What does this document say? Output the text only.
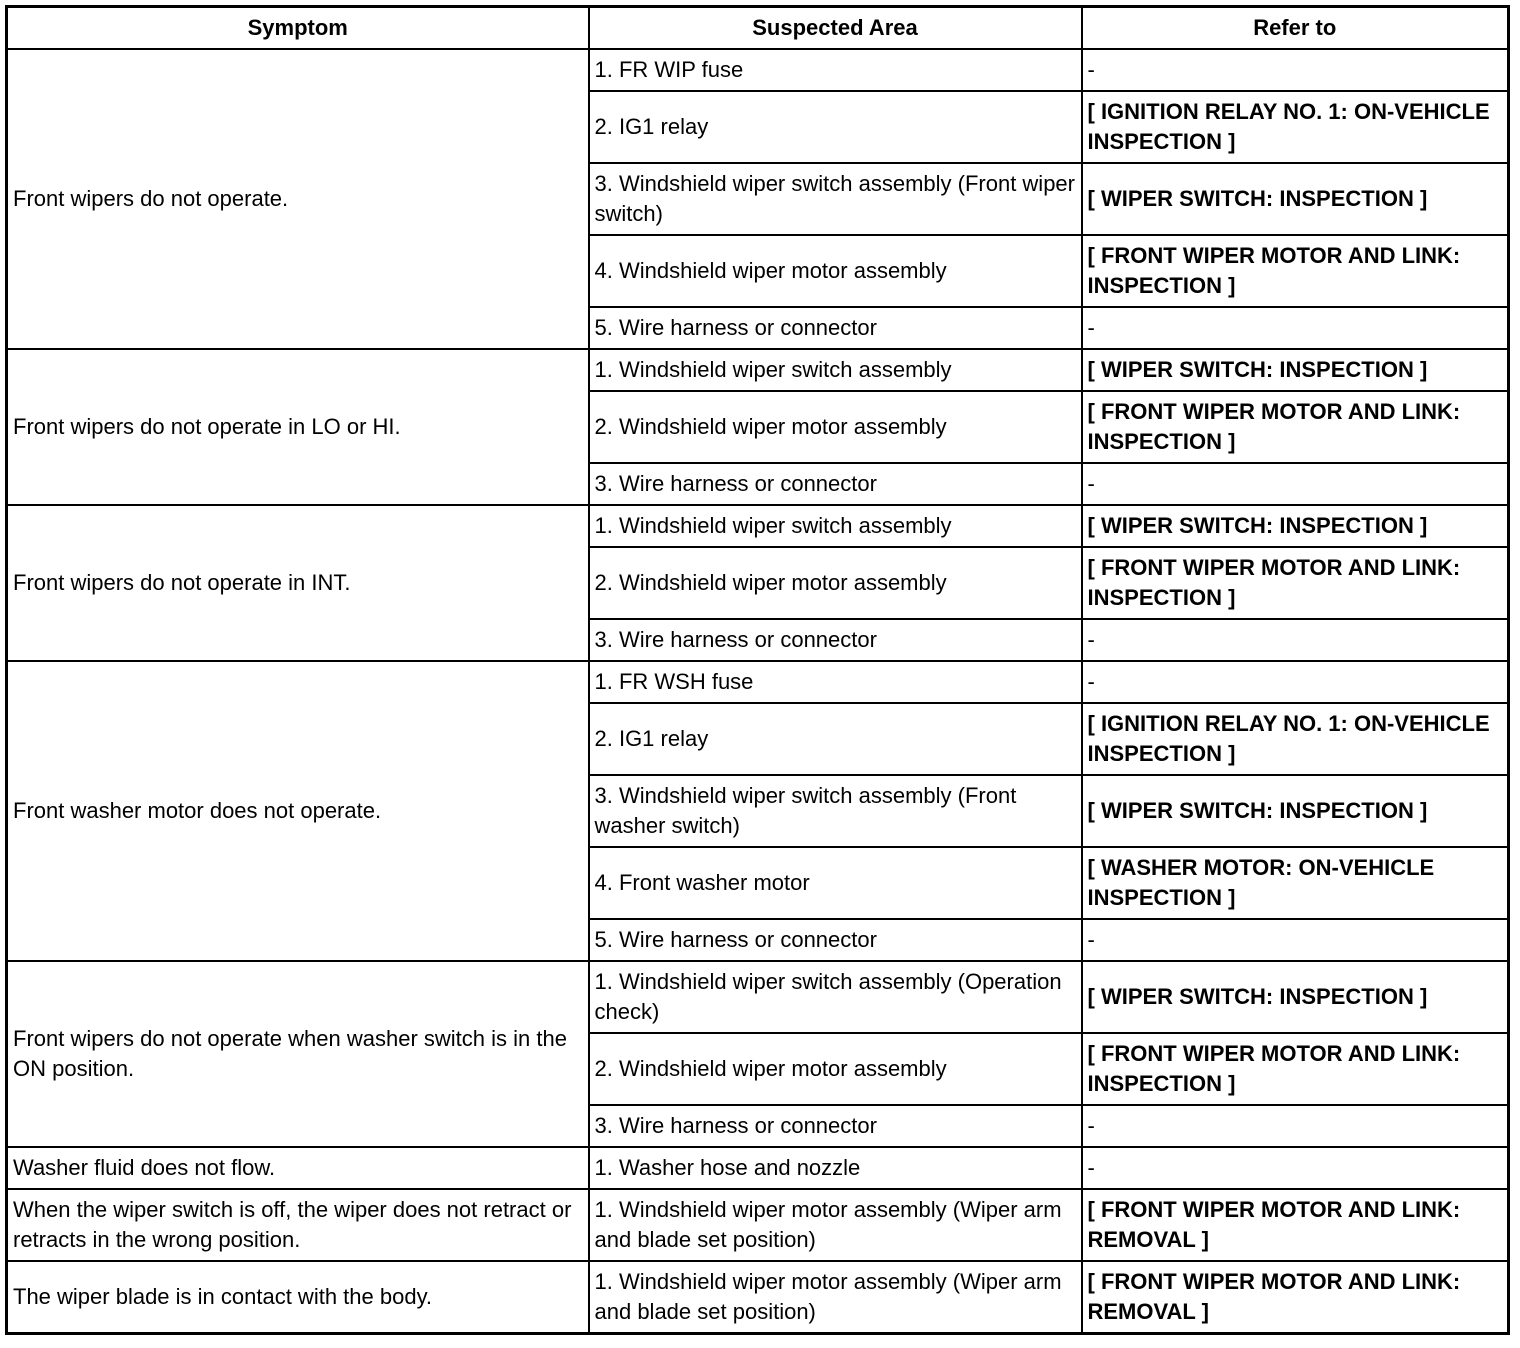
Symptom	Suspected Area	Refer to
Front wipers do not operate.	1. FR WIP fuse	-
	2. IG1 relay	[ IGNITION RELAY NO. 1: ON-VEHICLE INSPECTION ]
	3. Windshield wiper switch assembly (Front wiper switch)	[ WIPER SWITCH: INSPECTION ]
	4. Windshield wiper motor assembly	[ FRONT WIPER MOTOR AND LINK: INSPECTION ]
	5. Wire harness or connector	-
Front wipers do not operate in LO or HI.	1. Windshield wiper switch assembly	[ WIPER SWITCH: INSPECTION ]
	2. Windshield wiper motor assembly	[ FRONT WIPER MOTOR AND LINK: INSPECTION ]
	3. Wire harness or connector	-
Front wipers do not operate in INT.	1. Windshield wiper switch assembly	[ WIPER SWITCH: INSPECTION ]
	2. Windshield wiper motor assembly	[ FRONT WIPER MOTOR AND LINK: INSPECTION ]
	3. Wire harness or connector	-
Front washer motor does not operate.	1. FR WSH fuse	-
	2. IG1 relay	[ IGNITION RELAY NO. 1: ON-VEHICLE INSPECTION ]
	3. Windshield wiper switch assembly (Front washer switch)	[ WIPER SWITCH: INSPECTION ]
	4. Front washer motor	[ WASHER MOTOR: ON-VEHICLE INSPECTION ]
	5. Wire harness or connector	-
Front wipers do not operate when washer switch is in the ON position.	1. Windshield wiper switch assembly (Operation check)	[ WIPER SWITCH: INSPECTION ]
	2. Windshield wiper motor assembly	[ FRONT WIPER MOTOR AND LINK: INSPECTION ]
	3. Wire harness or connector	-
Washer fluid does not flow.	1. Washer hose and nozzle	-
When the wiper switch is off, the wiper does not retract or retracts in the wrong position.	1. Windshield wiper motor assembly (Wiper arm and blade set position)	[ FRONT WIPER MOTOR AND LINK: REMOVAL ]
The wiper blade is in contact with the body.	1. Windshield wiper motor assembly (Wiper arm and blade set position)	[ FRONT WIPER MOTOR AND LINK: REMOVAL ]
